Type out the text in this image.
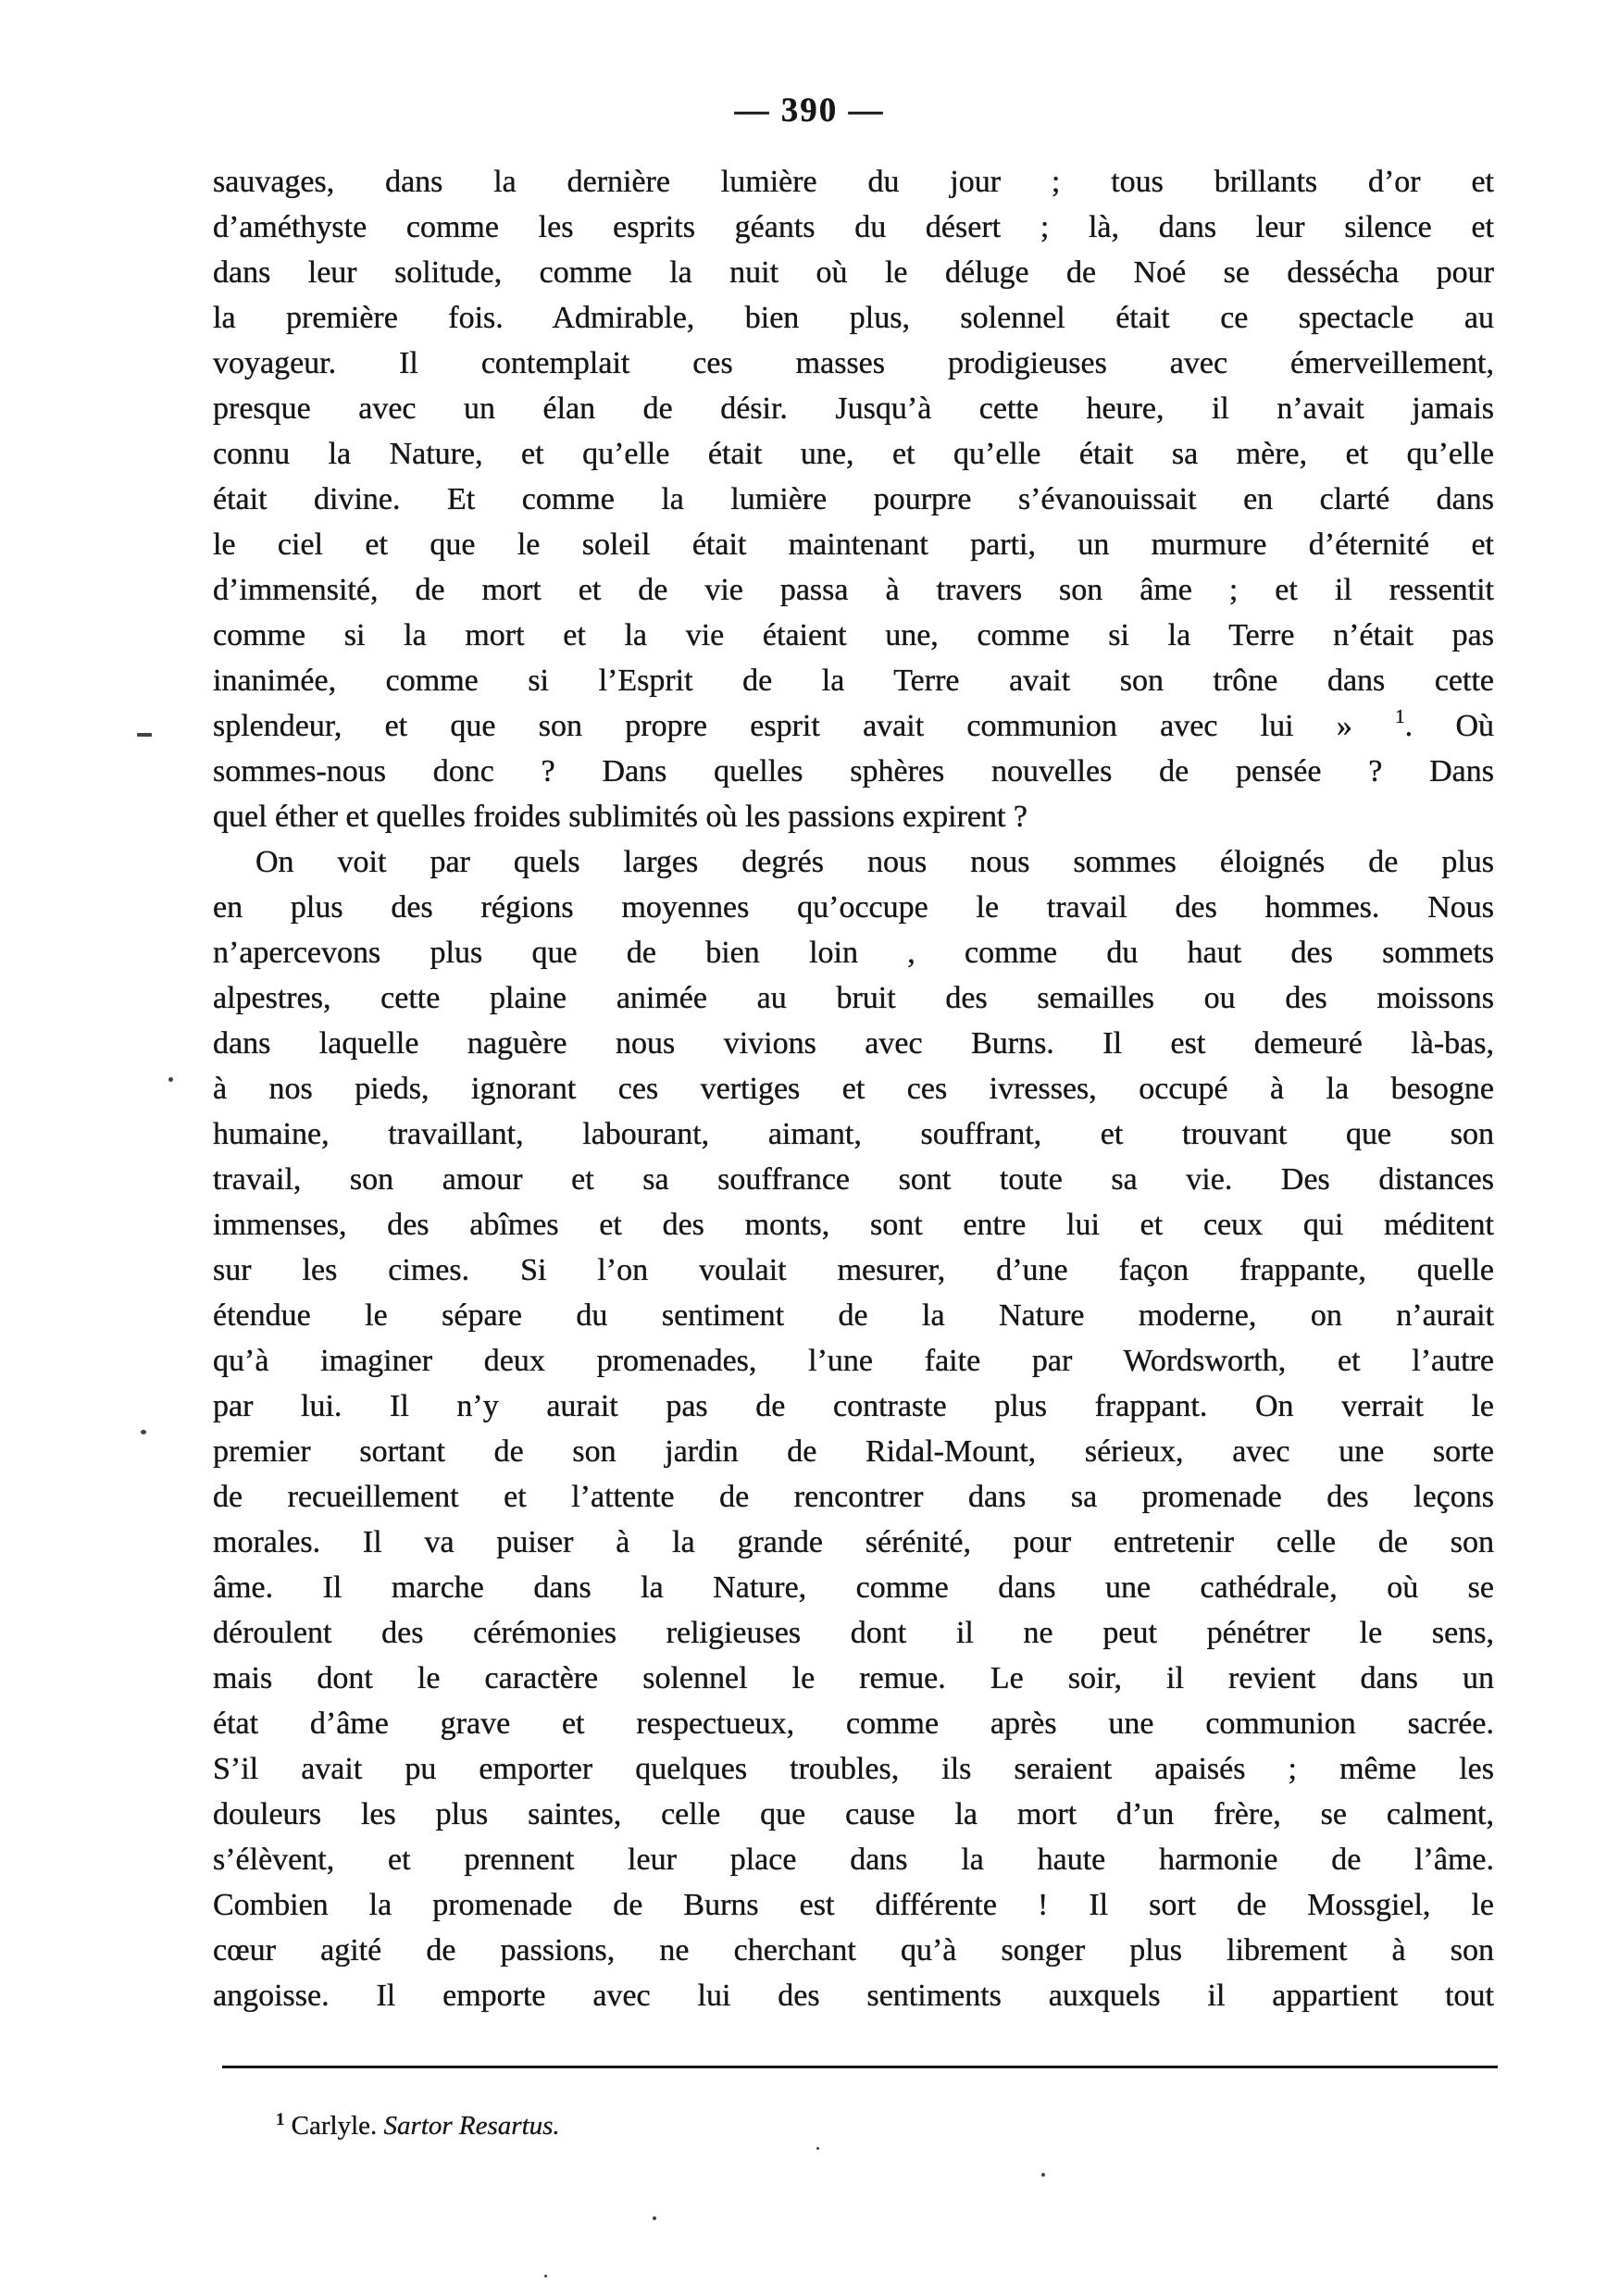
— 390 —
sauvages, dans la dernière lumière du jour ; tous brillants d’or et
d’améthyste comme les esprits géants du désert ; là, dans leur silence et
dans leur solitude, comme la nuit où le déluge de Noé se dessécha pour
la première fois. Admirable, bien plus, solennel était ce spectacle au
voyageur. Il contemplait ces masses prodigieuses avec émerveillement,
presque avec un élan de désir. Jusqu’à cette heure, il n’avait jamais
connu la Nature, et qu’elle était une, et qu’elle était sa mère, et qu’elle
était divine. Et comme la lumière pourpre s’évanouissait en clarté dans
le ciel et que le soleil était maintenant parti, un murmure d’éternité et
d’immensité, de mort et de vie passa à travers son âme ; et il ressentit
comme si la mort et la vie étaient une, comme si la Terre n’était pas
inanimée, comme si l’Esprit de la Terre avait son trône dans cette
splendeur, et que son propre esprit avait communion avec lui » $^1$. Où
sommes-nous donc ? Dans quelles sphères nouvelles de pensée ? Dans
quel éther et quelles froides sublimités où les passions expirent ?
On voit par quels larges degrés nous nous sommes éloignés de plus
en plus des régions moyennes qu’occupe le travail des hommes. Nous
n’apercevons plus que de bien loin , comme du haut des sommets
alpestres, cette plaine animée au bruit des semailles ou des moissons
dans laquelle naguère nous vivions avec Burns. Il est demeuré là-bas,
à nos pieds, ignorant ces vertiges et ces ivresses, occupé à la besogne
humaine, travaillant, labourant, aimant, souffrant, et trouvant que son
travail, son amour et sa souffrance sont toute sa vie. Des distances
immenses, des abîmes et des monts, sont entre lui et ceux qui méditent
sur les cimes. Si l’on voulait mesurer, d’une façon frappante, quelle
étendue le sépare du sentiment de la Nature moderne, on n’aurait
qu’à imaginer deux promenades, l’une faite par Wordsworth, et l’autre
par lui. Il n’y aurait pas de contraste plus frappant. On verrait le
premier sortant de son jardin de Ridal-Mount, sérieux, avec une sorte
de recueillement et l’attente de rencontrer dans sa promenade des leçons
morales. Il va puiser à la grande sérénité, pour entretenir celle de son
âme. Il marche dans la Nature, comme dans une cathédrale, où se
déroulent des cérémonies religieuses dont il ne peut pénétrer le sens,
mais dont le caractère solennel le remue. Le soir, il revient dans un
état d’âme grave et respectueux, comme après une communion sacrée.
S’il avait pu emporter quelques troubles, ils seraient apaisés ; même les
douleurs les plus saintes, celle que cause la mort d’un frère, se calment,
s’élèvent, et prennent leur place dans la haute harmonie de l’âme.
Combien la promenade de Burns est différente ! Il sort de Mossgiel, le
cœur agité de passions, ne cherchant qu’à songer plus librement à son
angoisse. Il emporte avec lui des sentiments auxquels il appartient tout

$^1$ Carlyle. Sartor Resartus.
